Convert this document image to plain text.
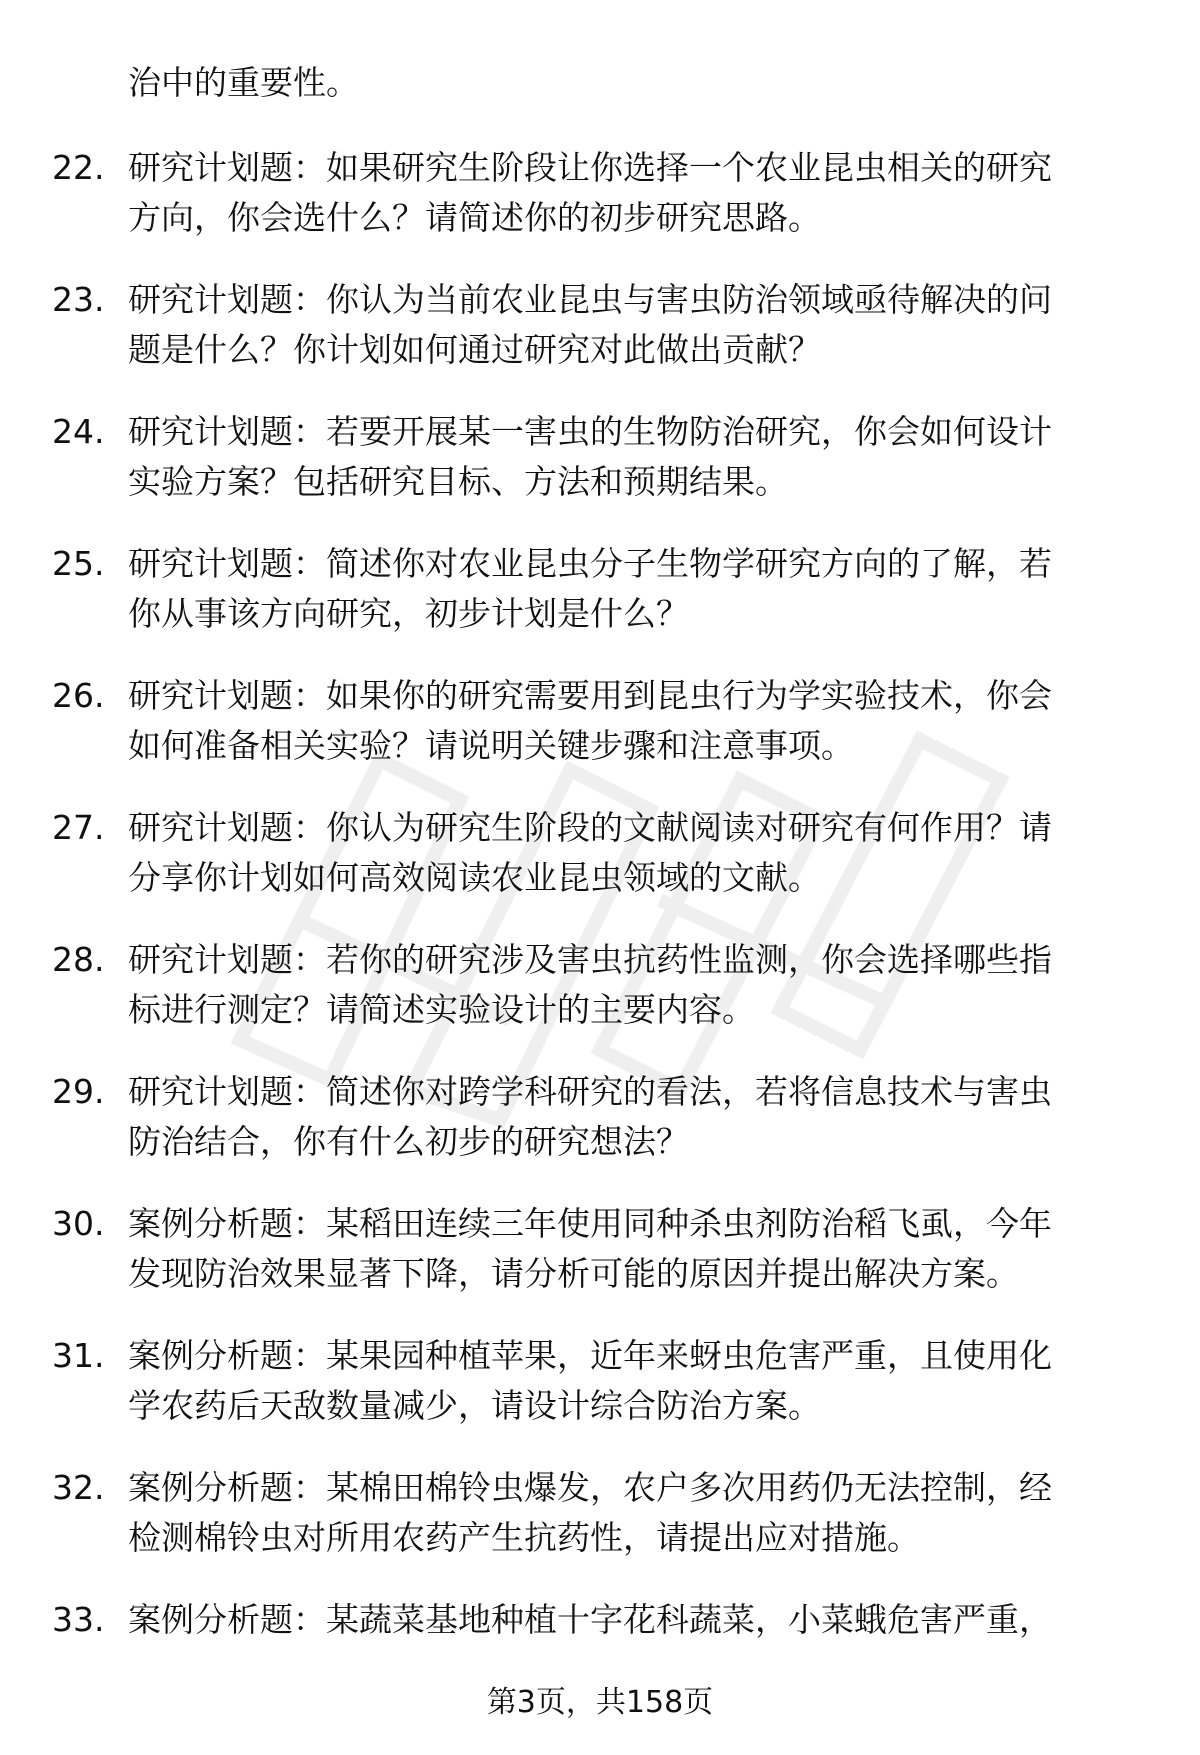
治中的重要性。
22. 研究计划题：如果研究生阶段让你选择一个农业昆虫相关的研究
方向，你会选什么？请简述你的初步研究思路。
23. 研究计划题：你认为当前农业昆虫与害虫防治领域亟待解决的问
题是什么？你计划如何通过研究对此做出贡献？
24. 研究计划题：若要开展某一害虫的生物防治研究，你会如何设计
实验方案？包括研究目标、方法和预期结果。
25. 研究计划题：简述你对农业昆虫分子生物学研究方向的了解，若
你从事该方向研究，初步计划是什么？
26. 研究计划题：如果你的研究需要用到昆虫行为学实验技术，你会
如何准备相关实验？请说明关键步骤和注意事项。
27. 研究计划题：你认为研究生阶段的文献阅读对研究有何作用？请
分享你计划如何高效阅读农业昆虫领域的文献。
28. 研究计划题：若你的研究涉及害虫抗药性监测，你会选择哪些指
标进行测定？请简述实验设计的主要内容。
29. 研究计划题：简述你对跨学科研究的看法，若将信息技术与害虫
防治结合，你有什么初步的研究想法？
30. 案例分析题：某稻田连续三年使用同种杀虫剂防治稻飞虱，今年
发现防治效果显著下降，请分析可能的原因并提出解决方案。
31. 案例分析题：某果园种植苹果，近年来蚜虫危害严重，且使用化
学农药后天敌数量减少，请设计综合防治方案。
32. 案例分析题：某棉田棉铃虫爆发，农户多次用药仍无法控制，经
检测棉铃虫对所用农药产生抗药性，请提出应对措施。
33. 案例分析题：某蔬菜基地种植十字花科蔬菜，小菜蛾危害严重，
第3页，共158页
